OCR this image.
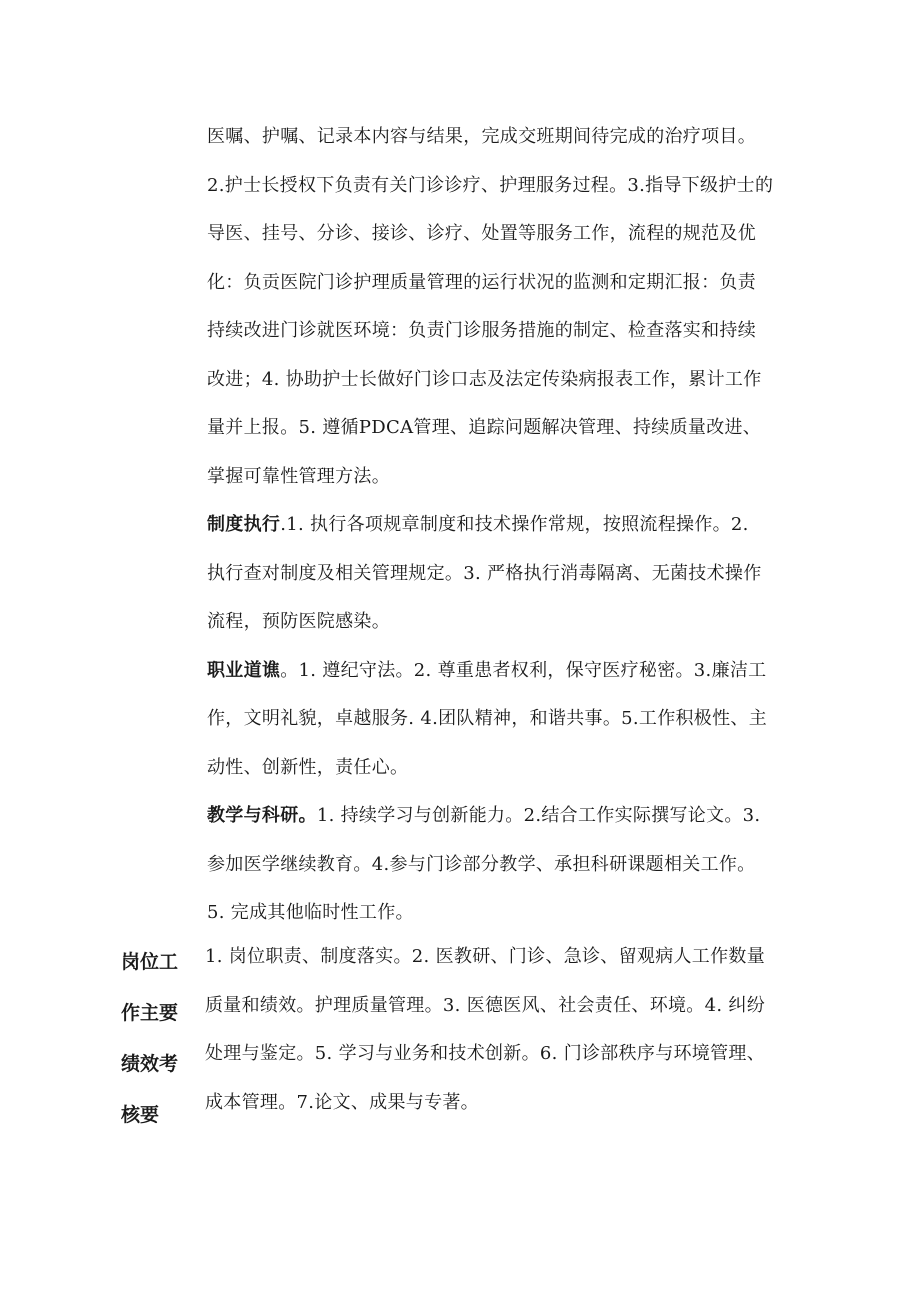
医嘱、护嘱、记录本内容与结果，完成交班期间待完成的治疗项目。
2.护士长授权下负责有关门诊诊疗、护理服务过程。3.指导下级护士的
导医、挂号、分诊、接诊、诊疗、处置等服务工作，流程的规范及优
化：负贡医院门诊护理质量管理的运行状况的监测和定期汇报：负责
持续改进门诊就医环境：负责门诊服务措施的制定、检查落实和持续
改进；4. 协助护士长做好门诊口志及法定传染病报表工作，累计工作
量并上报。5. 遵循PDCA管理、追踪问题解决管理、持续质量改进、
掌握可靠性管理方法。
制度执行.1. 执行各项规章制度和技术操作常规，按照流程操作。2.
执行查对制度及相关管理规定。3. 严格执行消毒隔离、无菌技术操作
流程，预防医院感染。
职业道谯。1. 遵纪守法。2. 尊重患者权利，保守医疗秘密。3.廉洁工
作，文明礼貌，卓越服务. 4.团队精神，和谐共事。5.工作积极性、主
动性、创新性，责任心。
教学与科研。1. 持续学习与创新能力。2.结合工作实际撰写论文。3.
参加医学继续教育。4.参与门诊部分教学、承担科研课题相关工作。
5. 完成其他临时性工作。
岗位工
作主要
绩效考
核要
1. 岗位职责、制度落实。2. 医教研、门诊、急诊、留观病人工作数量
质量和绩效。护理质量管理。3. 医德医风、社会责任、环境。4. 纠纷
处理与鉴定。5. 学习与业务和技术创新。6. 门诊部秩序与环境管理、
成本管理。7.论文、成果与专著。
